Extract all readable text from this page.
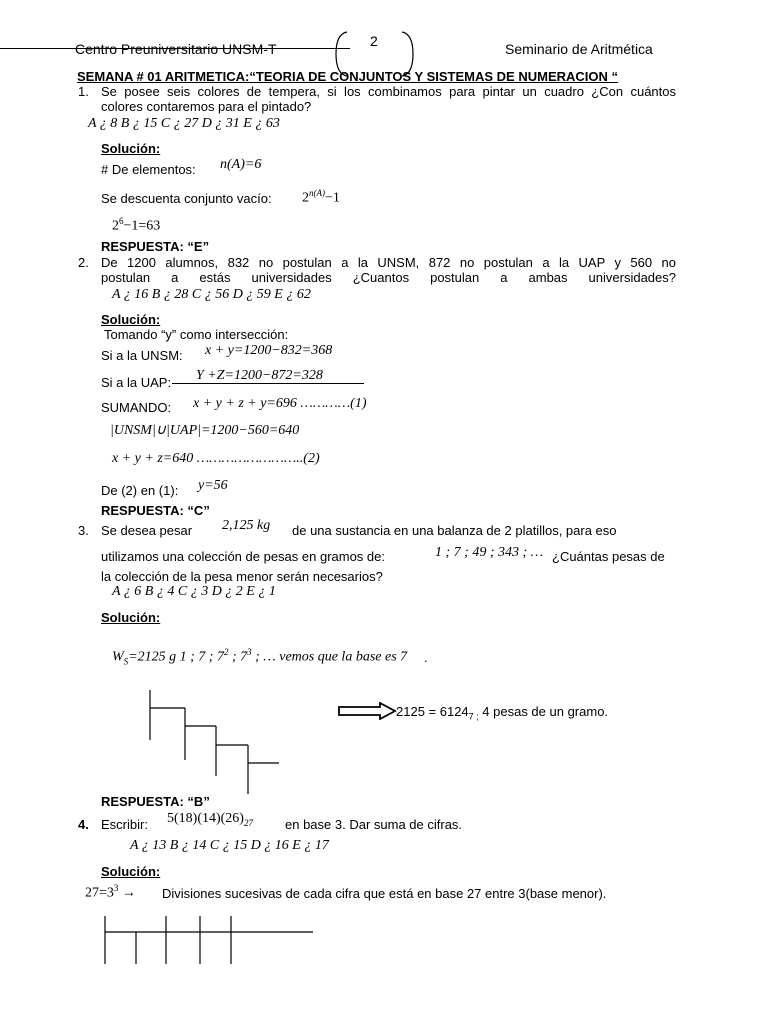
Centro Preuniversitario UNSM-T	2	Seminario de Aritmética
SEMANA # 01 ARITMETICA:“TEORIA DE CONJUNTOS Y SISTEMAS DE NUMERACION “
1. Se posee seis colores de tempera, si los combinamos para pintar un cuadro ¿Con cuántos
colores contaremos para el pintado?
A ¿ 8 B ¿ 15 C ¿ 27 D ¿ 31 E ¿ 63
Solución:
# De elementos: n(A)=6
Se descuenta conjunto vacío: $2^{n(A)}-1$
$2^6-1=63$
RESPUESTA: “E”
2. De 1200 alumnos, 832 no postulan a la UNSM, 872 no postulan a la UAP y 560 no
postulan a estás universidades ¿Cuantos postulan a ambas universidades?
A ¿ 16 B ¿ 28 C ¿ 56 D ¿ 59 E ¿ 62
Solución:
Tomando “y” como intersección:
Si a la UNSM: x + y=1200−832=368
Si a la UAP: Y +Z=1200−872=328
SUMANDO: x + y + z + y=696 …………(1)
|UNSM|∪|UAP|=1200−560=640
x + y + z=640 ……………………..(2)
De (2) en (1): y=56
RESPUESTA: “C”
3. Se desea pesar 2,125 kg de una sustancia en una balanza de 2 platillos, para eso
utilizamos una colección de pesas en gramos de:	1 ; 7 ; 49 ; 343 ; … ¿Cuántas pesas de
la colección de la pesa menor serán necesarios?
A ¿ 6 B ¿ 4 C ¿ 3 D ¿ 2 E ¿ 1
Solución:
$W_S=2125$ g 1 ; 7 ; $7^2$ ; $7^3$ ; … vemos que la base es 7 .
$2125 = 6124_{7 ;}$ 4 pesas de un gramo.
RESPUESTA: “B”
4. Escribir: $5(18)(14)(26)_{27}$ en base 3. Dar suma de cifras.
A ¿ 13 B ¿ 14 C ¿ 15 D ¿ 16 E ¿ 17
Solución:
$27=3^3$ → Divisiones sucesivas de cada cifra que está en base 27 entre 3(base menor).
